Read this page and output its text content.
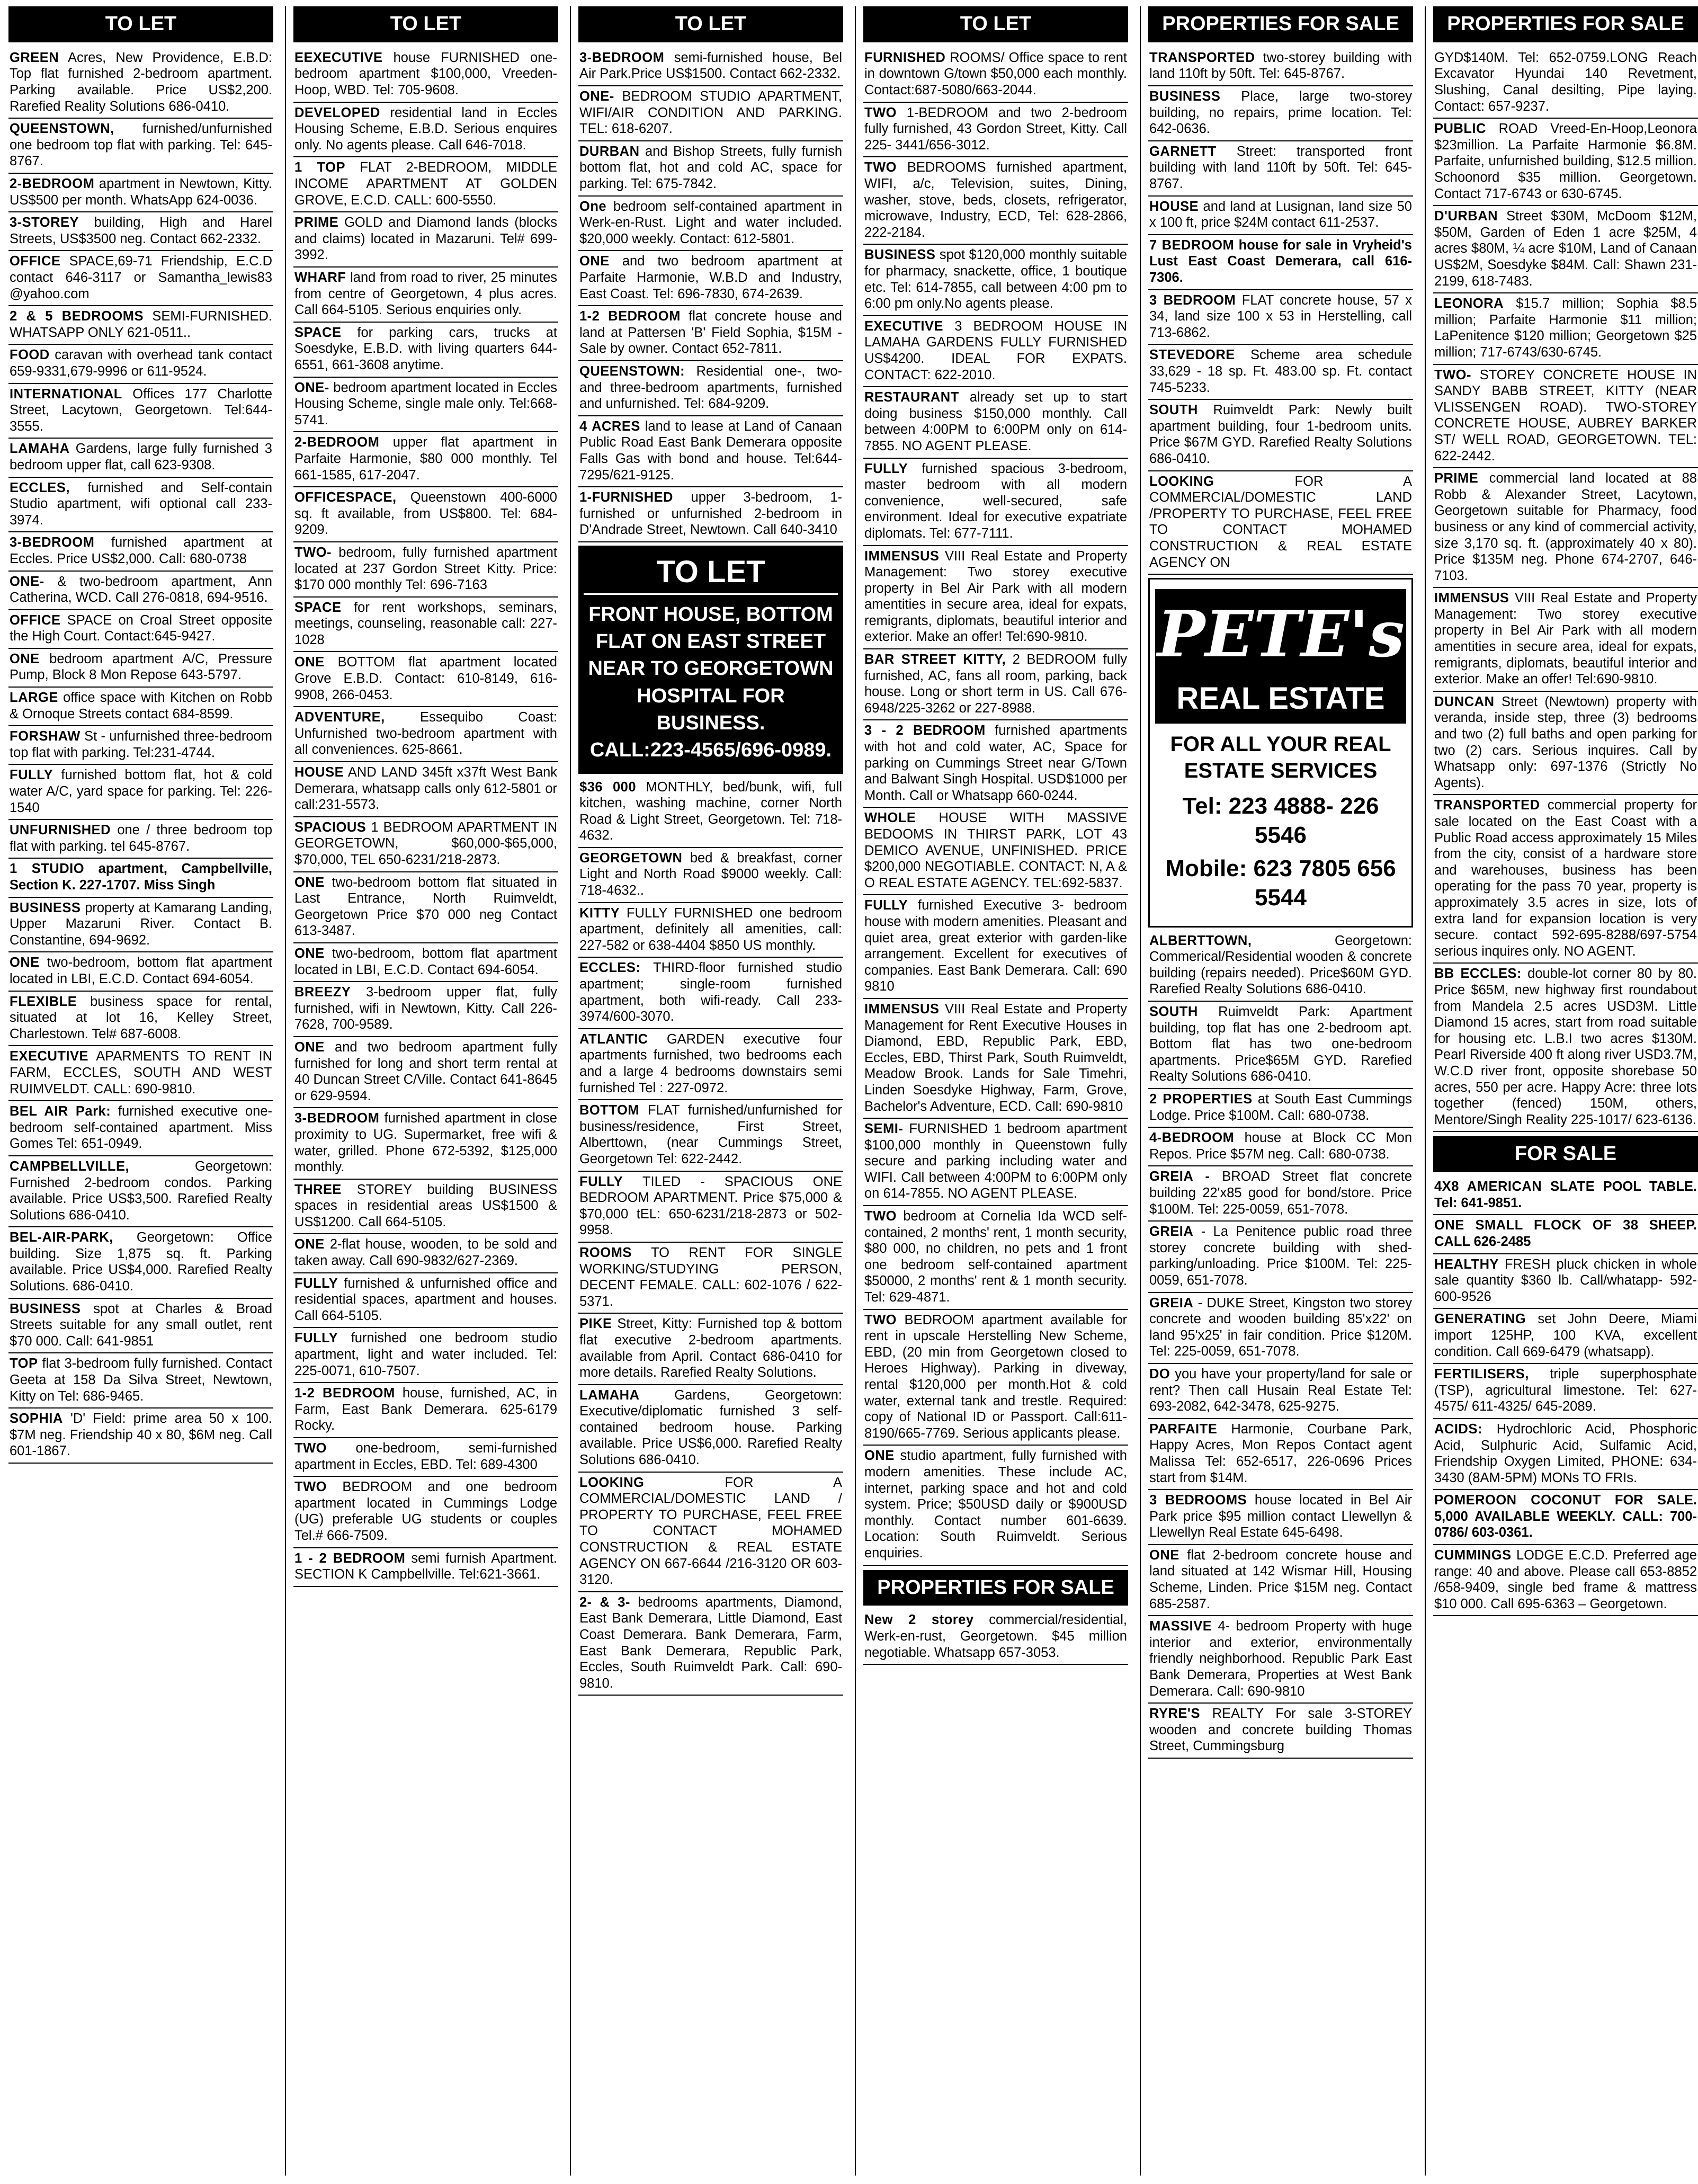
TO LET
GREEN Acres, New Providence, E.B.D: Top flat furnished 2-bedroom apartment. Parking available. Price US$2,200. Rarefied Reality Solutions 686-0410.
QUEENSTOWN, furnished/unfurnished one bedroom top flat with parking. Tel: 645-8767.
2-BEDROOM apartment in Newtown, Kitty. US$500 per month. WhatsApp 624-0036.
3-STOREY building, High and Harel Streets, US$3500 neg. Contact 662-2332.
OFFICE SPACE,69-71 Friendship, E.C.D contact 646-3117 or Samantha_lewis83 @yahoo.com
2 & 5 BEDROOMS SEMI-FURNISHED. WHATSAPP ONLY 621-0511..
FOOD caravan with overhead tank contact 659-9331,679-9996 or 611-9524.
INTERNATIONAL Offices 177 Charlotte Street, Lacytown, Georgetown. Tel:644-3555.
LAMAHA Gardens, large fully furnished 3 bedroom upper flat, call 623-9308.
ECCLES, furnished and Self-contain Studio apartment, wifi optional call 233-3974.
3-BEDROOM furnished apartment at Eccles. Price US$2,000. Call: 680-0738
ONE- & two-bedroom apartment, Ann Catherina, WCD. Call 276-0818, 694-9516.
OFFICE SPACE on Croal Street opposite the High Court. Contact:645-9427.
ONE bedroom apartment A/C, Pressure Pump, Block 8 Mon Repose 643-5797.
LARGE office space with Kitchen on Robb & Ornoque Streets contact 684-8599.
FORSHAW St - unfurnished three-bedroom top flat with parking. Tel:231-4744.
FULLY furnished bottom flat, hot & cold water A/C, yard space for parking. Tel: 226-1540
UNFURNISHED one / three bedroom top flat with parking. tel 645-8767.
1 STUDIO apartment, Campbellville, Section K. 227-1707. Miss Singh
BUSINESS property at Kamarang Landing, Upper Mazaruni River. Contact B. Constantine, 694-9692.
ONE two-bedroom, bottom flat apartment located in LBI, E.C.D. Contact 694-6054.
FLEXIBLE business space for rental, situated at lot 16, Kelley Street, Charlestown. Tel# 687-6008.
EXECUTIVE APARMENTS TO RENT IN FARM, ECCLES, SOUTH AND WEST RUIMVELDT. CALL: 690-9810.
BEL AIR Park: furnished executive one-bedroom self-contained apartment. Miss Gomes Tel: 651-0949.
CAMPBELLVILLE,	Georgetown: Furnished 2-bedroom condos. Parking available. Price US$3,500. Rarefied Realty Solutions 686-0410.
BEL-AIR-PARK, Georgetown: Office building. Size 1,875 sq. ft. Parking available. Price US$4,000. Rarefied Realty Solutions. 686-0410.
BUSINESS spot at Charles & Broad Streets suitable for any small outlet, rent $70 000. Call: 641-9851
TOP flat 3-bedroom fully furnished. Contact Geeta at 158 Da Silva Street, Newtown, Kitty on Tel: 686-9465.
SOPHIA 'D' Field: prime area 50 x 100. $7M neg. Friendship 40 x 80, $6M neg. Call 601-1867.
TO LET
EEXECUTIVE house FURNISHED one-bedroom apartment $100,000, Vreeden-Hoop, WBD. Tel: 705-9608.
DEVELOPED residential land in Eccles Housing Scheme, E.B.D. Serious enquires only. No agents please. Call 646-7018.
1 TOP FLAT 2-BEDROOM, MIDDLE INCOME APARTMENT AT GOLDEN GROVE, E.C.D. CALL: 600-5550.
PRIME GOLD and Diamond lands (blocks and claims) located in Mazaruni. Tel# 699-3992.
WHARF land from road to river, 25 minutes from centre of Georgetown, 4 plus acres. Call 664-5105. Serious enquiries only.
SPACE for parking cars, trucks at Soesdyke, E.B.D. with living quarters 644-6551, 661-3608 anytime.
ONE- bedroom apartment located in Eccles Housing Scheme, single male only. Tel:668-5741.
2-BEDROOM upper flat apartment in Parfaite Harmonie, $80 000 monthly. Tel 661-1585, 617-2047.
OFFICESPACE, Queenstown 400-6000 sq. ft available, from US$800. Tel: 684-9209.
TWO- bedroom, fully furnished apartment located at 237 Gordon Street Kitty. Price: $170 000 monthly Tel: 696-7163
SPACE for rent workshops, seminars, meetings, counseling, reasonable call: 227-1028
ONE BOTTOM flat apartment located Grove E.B.D. Contact: 610-8149, 616-9908, 266-0453.
ADVENTURE,	Essequibo Coast: Unfurnished two-bedroom apartment with all conveniences. 625-8661.
HOUSE AND LAND 345ft x37ft West Bank Demerara, whatsapp calls only 612-5801 or call:231-5573.
SPACIOUS 1 BEDROOM APARTMENT IN GEORGETOWN, $60,000-$65,000, $70,000, TEL 650-6231/218-2873.
ONE two-bedroom bottom flat situated in Last Entrance, North Ruimveldt, Georgetown Price $70 000 neg Contact 613-3487.
ONE two-bedroom, bottom flat apartment located in LBI, E.C.D. Contact 694-6054.
BREEZY 3-bedroom upper flat, fully furnished, wifi in Newtown, Kitty. Call 226-7628, 700-9589.
ONE and two bedroom apartment fully furnished for long and short term rental at 40 Duncan Street C/Ville. Contact 641-8645 or 629-9594.
3-BEDROOM furnished apartment in close proximity to UG. Supermarket, free wifi & water, grilled. Phone 672-5392, $125,000 monthly.
THREE STOREY building BUSINESS spaces in residential areas US$1500 & US$1200. Call 664-5105.
ONE 2-flat house, wooden, to be sold and taken away. Call 690-9832/627-2369.
FULLY furnished & unfurnished office and residential spaces, apartment and houses. Call 664-5105.
FULLY furnished one bedroom studio apartment, light and water included. Tel: 225-0071, 610-7507.
1-2 BEDROOM house, furnished, AC, in Farm, East Bank Demerara. 625-6179 Rocky.
TWO one-bedroom, semi-furnished apartment in Eccles, EBD. Tel: 689-4300
TWO BEDROOM and one bedroom apartment located in Cummings Lodge (UG) preferable UG students or couples Tel.# 666-7509.
1 - 2 BEDROOM semi furnish Apartment. SECTION K Campbellville. Tel:621-3661.
TO LET
3-BEDROOM semi-furnished house, Bel Air Park.Price US$1500. Contact 662-2332.
ONE- BEDROOM STUDIO APARTMENT, WIFI/AIR CONDITION AND PARKING. TEL: 618-6207.
DURBAN and Bishop Streets, fully furnish bottom flat, hot and cold AC, space for parking. Tel: 675-7842.
One bedroom self-contained apartment in Werk-en-Rust. Light and water included. $20,000 weekly. Contact: 612-5801.
ONE and two bedroom apartment at Parfaite Harmonie, W.B.D and Industry, East Coast. Tel: 696-7830, 674-2639.
1-2 BEDROOM flat concrete house and land at Pattersen 'B' Field Sophia, $15M - Sale by owner. Contact 652-7811.
QUEENSTOWN: Residential one-, two- and three-bedroom apartments, furnished and unfurnished. Tel: 684-9209.
4 ACRES land to lease at Land of Canaan Public Road East Bank Demerara opposite Falls Gas with bond and house. Tel:644-7295/621-9125.
1-FURNISHED upper 3-bedroom, 1-furnished or unfurnished 2-bedroom in D'Andrade Street, Newtown. Call 640-3410
TO LET
FRONT HOUSE, BOTTOM
FLAT ON EAST STREET
NEAR TO GEORGETOWN
HOSPITAL FOR
BUSINESS.
CALL:223-4565/696-0989.
$36 000 MONTHLY, bed/bunk, wifi, full kitchen, washing machine, corner North Road & Light Street, Georgetown. Tel: 718-4632.
GEORGETOWN bed & breakfast, corner Light and North Road $9000 weekly. Call: 718-4632..
KITTY FULLY FURNISHED one bedroom apartment, definitely all amenities, call: 227-582 or 638-4404 $850 US monthly.
ECCLES: THIRD-floor furnished studio apartment; single-room furnished apartment, both wifi-ready. Call 233-3974/600-3070.
ATLANTIC GARDEN executive four apartments furnished, two bedrooms each and a large 4 bedrooms downstairs semi furnished Tel : 227-0972.
BOTTOM FLAT furnished/unfurnished for business/residence, First Street, Alberttown, (near Cummings Street, Georgetown Tel: 622-2442.
FULLY TILED - SPACIOUS ONE BEDROOM APARTMENT. Price $75,000 & $70,000 tEL: 650-6231/218-2873 or 502-9958.
ROOMS TO RENT FOR SINGLE WORKING/STUDYING PERSON, DECENT FEMALE. CALL: 602-1076 / 622-5371.
PIKE Street, Kitty: Furnished top & bottom flat executive 2-bedroom apartments. available from April. Contact 686-0410 for more details. Rarefied Realty Solutions.
LAMAHA	Gardens, Georgetown: Executive/diplomatic furnished 3 self-contained bedroom house. Parking available. Price US$6,000. Rarefied Realty Solutions 686-0410.
LOOKING	FOR A COMMERCIAL/DOMESTIC LAND / PROPERTY TO PURCHASE, FEEL FREE TO CONTACT MOHAMED CONSTRUCTION & REAL ESTATE AGENCY ON 667-6644 /216-3120 OR 603-3120.
2- & 3- bedrooms apartments, Diamond, East Bank Demerara, Little Diamond, East Coast Demerara. Bank Demerara, Farm, East Bank Demerara, Republic Park, Eccles, South Ruimveldt Park. Call: 690-9810.
TO LET
FURNISHED ROOMS/ Office space to rent in downtown G/town $50,000 each monthly. Contact:687-5080/663-2044.
TWO 1-BEDROOM and two 2-bedroom fully furnished, 43 Gordon Street, Kitty. Call 225- 3441/656-3012.
TWO BEDROOMS furnished apartment, WIFI, a/c, Television, suites, Dining, washer, stove, beds, closets, refrigerator, microwave, Industry, ECD, Tel: 628-2866, 222-2184.
BUSINESS spot $120,000 monthly suitable for pharmacy, snackette, office, 1 boutique etc. Tel: 614-7855, call between 4:00 pm to 6:00 pm only.No agents please.
EXECUTIVE 3 BEDROOM HOUSE IN LAMAHA GARDENS FULLY FURNISHED US$4200. IDEAL FOR EXPATS. CONTACT: 622-2010.
RESTAURANT already set up to start doing business $150,000 monthly. Call between 4:00PM to 6:00PM only on 614-7855. NO AGENT PLEASE.
FULLY furnished spacious 3-bedroom, master bedroom with all modern convenience, well-secured, safe environment. Ideal for executive expatriate diplomats. Tel: 677-7111.
IMMENSUS VIII Real Estate and Property Management: Two storey executive property in Bel Air Park with all modern amentities in secure area, ideal for expats, remigrants, diplomats, beautiful interior and exterior. Make an offer! Tel:690-9810.
BAR STREET KITTY, 2 BEDROOM fully furnished, AC, fans all room, parking, back house. Long or short term in US. Call 676-6948/225-3262 or 227-8988.
3 - 2 BEDROOM furnished apartments with hot and cold water, AC, Space for parking on Cummings Street near G/Town and Balwant Singh Hospital. USD$1000 per Month. Call or Whatsapp 660-0244.
WHOLE HOUSE WITH MASSIVE BEDOOMS IN THIRST PARK, LOT 43 DEMICO AVENUE, UNFINISHED. PRICE $200,000 NEGOTIABLE. CONTACT: N, A & O REAL ESTATE AGENCY. TEL:692-5837.
FULLY furnished Executive 3- bedroom house with modern amenities. Pleasant and quiet area, great exterior with garden-like arrangement. Excellent for executives of companies. East Bank Demerara. Call: 690 9810
IMMENSUS VIII Real Estate and Property Management for Rent Executive Houses in Diamond, EBD, Republic Park, EBD, Eccles, EBD, Thirst Park, South Ruimveldt, Meadow Brook. Lands for Sale Timehri, Linden Soesdyke Highway, Farm, Grove, Bachelor's Adventure, ECD. Call: 690-9810
SEMI- FURNISHED 1 bedroom apartment $100,000 monthly in Queenstown fully secure and parking including water and WIFI. Call between 4:00PM to 6:00PM only on 614-7855. NO AGENT PLEASE.
TWO bedroom at Cornelia Ida WCD self-contained, 2 months' rent, 1 month security, $80 000, no children, no pets and 1 front one bedroom self-contained apartment $50000, 2 months' rent & 1 month security. Tel: 629-4871.
TWO BEDROOM apartment available for rent in upscale Herstelling New Scheme, EBD, (20 min from Georgetown closed to Heroes Highway). Parking in diveway, rental $120,000 per month.Hot & cold water, external tank and trestle. Required: copy of National ID or Passport. Call:611-8190/665-7769. Serious applicants please.
ONE studio apartment, fully furnished with modern amenities. These include AC, internet, parking space and hot and cold system. Price; $50USD daily or $900USD monthly. Contact number 601-6639. Location: South Ruimveldt. Serious enquiries.
PROPERTIES FOR SALE
New 2 storey commercial/residential, Werk-en-rust, Georgetown. $45 million negotiable. Whatsapp 657-3053.
PROPERTIES FOR SALE
TRANSPORTED two-storey building with land 110ft by 50ft. Tel: 645-8767.
BUSINESS Place, large two-storey building, no repairs, prime location. Tel: 642-0636.
GARNETT Street: transported front building with land 110ft by 50ft. Tel: 645-8767.
HOUSE and land at Lusignan, land size 50 x 100 ft, price $24M contact 611-2537.
7 BEDROOM house for sale in Vryheid's Lust East Coast Demerara, call 616-7306.
3 BEDROOM FLAT concrete house, 57 x 34, land size 100 x 53 in Herstelling, call 713-6862.
STEVEDORE Scheme area schedule 33,629 - 18 sp. Ft. 483.00 sp. Ft. contact 745-5233.
SOUTH Ruimveldt Park: Newly built apartment building, four 1-bedroom units. Price $67M GYD. Rarefied Realty Solutions 686-0410.
LOOKING	FOR A COMMERCIAL/DOMESTIC LAND /PROPERTY TO PURCHASE, FEEL FREE TO CONTACT MOHAMED CONSTRUCTION & REAL ESTATE AGENCY ON
PETE's
REAL ESTATE
FOR ALL YOUR REAL ESTATE SERVICES
Tel: 223 4888- 226 5546
Mobile: 623 7805 656 5544
ALBERTTOWN,	Georgetown: Commerical/Residential wooden & concrete building (repairs needed). Price$60M GYD. Rarefied Realty Solutions 686-0410.
SOUTH Ruimveldt Park: Apartment building, top flat has one 2-bedroom apt. Bottom flat has two one-bedroom apartments. Price$65M GYD. Rarefied Realty Solutions 686-0410.
2 PROPERTIES at South East Cummings Lodge. Price $100M. Call: 680-0738.
4-BEDROOM house at Block CC Mon Repos. Price $57M neg. Call: 680-0738.
GREIA - BROAD Street flat concrete building 22'x85 good for bond/store. Price $100M. Tel: 225-0059, 651-7078.
GREIA - La Penitence public road three storey concrete building with shed-parking/unloading. Price $100M. Tel: 225-0059, 651-7078.
GREIA - DUKE Street, Kingston two storey concrete and wooden building 85'x22' on land 95'x25' in fair condition. Price $120M. Tel: 225-0059, 651-7078.
DO you have your property/land for sale or rent? Then call Husain Real Estate Tel: 693-2082, 642-3478, 625-9275.
PARFAITE Harmonie, Courbane Park, Happy Acres, Mon Repos Contact agent Malissa Tel: 652-6517, 226-0696 Prices start from $14M.
3 BEDROOMS house located in Bel Air Park price $95 million contact Llewellyn & Llewellyn Real Estate 645-6498.
ONE flat 2-bedroom concrete house and land situated at 142 Wismar Hill, Housing Scheme, Linden. Price $15M neg. Contact 685-2587.
MASSIVE 4- bedroom Property with huge interior and exterior, environmentally friendly neighborhood. Republic Park East Bank Demerara, Properties at West Bank Demerara. Call: 690-9810
RYRE'S REALTY For sale 3-STOREY wooden and concrete building Thomas Street, Cummingsburg
PROPERTIES FOR SALE
GYD$140M. Tel: 652-0759.LONG Reach Excavator Hyundai 140 Revetment, Slushing, Canal desilting, Pipe laying. Contact: 657-9237.
PUBLIC ROAD Vreed-En-Hoop,Leonora $23million. La Parfaite Harmonie $6.8M. Parfaite, unfurnished building, $12.5 million. Schoonord $35 million. Georgetown. Contact 717-6743 or 630-6745.
D'URBAN Street $30M, McDoom $12M, $50M, Garden of Eden 1 acre $25M, 4 acres $80M, ¼ acre $10M, Land of Canaan US$2M, Soesdyke $84M. Call: Shawn 231-2199, 618-7483.
LEONORA $15.7 million; Sophia $8.5 million; Parfaite Harmonie $11 million; LaPenitence $120 million; Georgetown $25 million; 717-6743/630-6745.
TWO- STOREY CONCRETE HOUSE IN SANDY BABB STREET, KITTY (NEAR VLISSENGEN ROAD). TWO-STOREY CONCRETE HOUSE, AUBREY BARKER ST/ WELL ROAD, GEORGETOWN. TEL: 622-2442.
PRIME commercial land located at 88 Robb & Alexander Street, Lacytown, Georgetown suitable for Pharmacy, food business or any kind of commercial activity, size 3,170 sq. ft. (approximately 40 x 80). Price $135M neg. Phone 674-2707, 646-7103.
IMMENSUS VIII Real Estate and Property Management: Two storey executive property in Bel Air Park with all modern amentities in secure area, ideal for expats, remigrants, diplomats, beautiful interior and exterior. Make an offer! Tel:690-9810.
DUNCAN Street (Newtown) property with veranda, inside step, three (3) bedrooms and two (2) full baths and open parking for two (2) cars. Serious inquires. Call by Whatsapp only: 697-1376 (Strictly No Agents).
TRANSPORTED commercial property for sale located on the East Coast with a Public Road access approximately 15 Miles from the city, consist of a hardware store and warehouses, business has been operating for the pass 70 year, property is approximately 3.5 acres in size, lots of extra land for expansion location is very secure. contact 592-695-8288/697-5754 serious inquires only. NO AGENT.
BB ECCLES: double-lot corner 80 by 80. Price $65M, new highway first roundabout from Mandela 2.5 acres USD3M. Little Diamond 15 acres, start from road suitable for housing etc. L.B.I two acres $130M. Pearl Riverside 400 ft along river USD3.7M, W.C.D river front, opposite shorebase 50 acres, 550 per acre. Happy Acre: three lots together (fenced) 150M, others, Mentore/Singh Reality 225-1017/ 623-6136.
FOR SALE
4X8 AMERICAN SLATE POOL TABLE. Tel: 641-9851.
ONE SMALL FLOCK OF 38 SHEEP. CALL 626-2485
HEALTHY FRESH pluck chicken in whole sale quantity $360 lb. Call/whatapp- 592-600-9526
GENERATING set John Deere, Miami import 125HP, 100 KVA, excellent condition. Call 669-6479 (whatsapp).
FERTILISERS, triple superphosphate (TSP), agricultural limestone. Tel: 627-4575/ 611-4325/ 645-2089.
ACIDS: Hydrochloric Acid, Phosphoric Acid, Sulphuric Acid, Sulfamic Acid, Friendship Oxygen Limited, PHONE: 634-3430 (8AM-5PM) MONs TO FRIs.
POMEROON COCONUT FOR SALE. 5,000 AVAILABLE WEEKLY. CALL: 700-0786/ 603-0361.
CUMMINGS LODGE E.C.D. Preferred age range: 40 and above. Please call 653-8852 /658-9409, single bed frame & mattress $10 000. Call 695-6363 – Georgetown.
